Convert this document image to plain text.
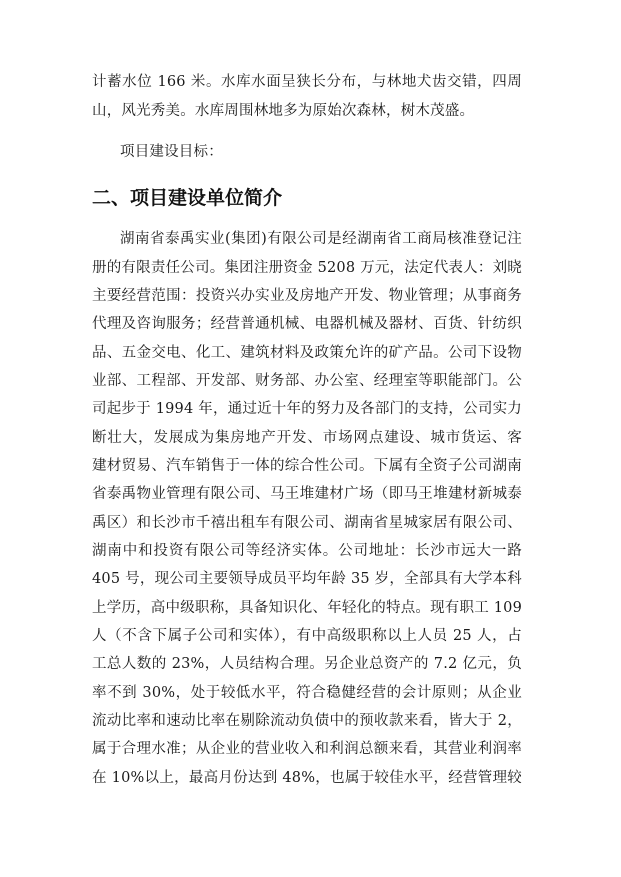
计蓄水位 166 米。水库水面呈狭长分布，与林地犬齿交错，四周
山，风光秀美。水库周围林地多为原始次森林，树木茂盛。
项目建设目标：
二、项目建设单位简介
湖南省泰禹实业(集团)有限公司是经湖南省工商局核准登记注
册的有限责任公司。集团注册资金 5208 万元，法定代表人：刘晓
主要经营范围：投资兴办实业及房地产开发、物业管理；从事商务
代理及咨询服务；经营普通机械、电器机械及器材、百货、针纺织
品、五金交电、化工、建筑材料及政策允许的矿产品。公司下设物
业部、工程部、开发部、财务部、办公室、经理室等职能部门。公
司起步于 1994 年，通过近十年的努力及各部门的支持，公司实力
断壮大，发展成为集房地产开发、市场网点建设、城市货运、客
建材贸易、汽车销售于一体的综合性公司。下属有全资子公司湖南
省泰禹物业管理有限公司、马王堆建材广场（即马王堆建材新城泰
禹区）和长沙市千禧出租车有限公司、湖南省星城家居有限公司、
湖南中和投资有限公司等经济实体。公司地址：长沙市远大一路
405 号，现公司主要领导成员平均年龄 35 岁，全部具有大学本科
上学历，高中级职称，具备知识化、年轻化的特点。现有职工 109
人（不含下属子公司和实体），有中高级职称以上人员 25 人，占
工总人数的 23%，人员结构合理。另企业总资产的 7.2 亿元，负
率不到 30%，处于较低水平，符合稳健经营的会计原则；从企业
流动比率和速动比率在剔除流动负债中的预收款来看，皆大于 2，
属于合理水准；从企业的营业收入和利润总额来看，其营业利润率
在 10%以上，最高月份达到 48%，也属于较佳水平，经营管理较
